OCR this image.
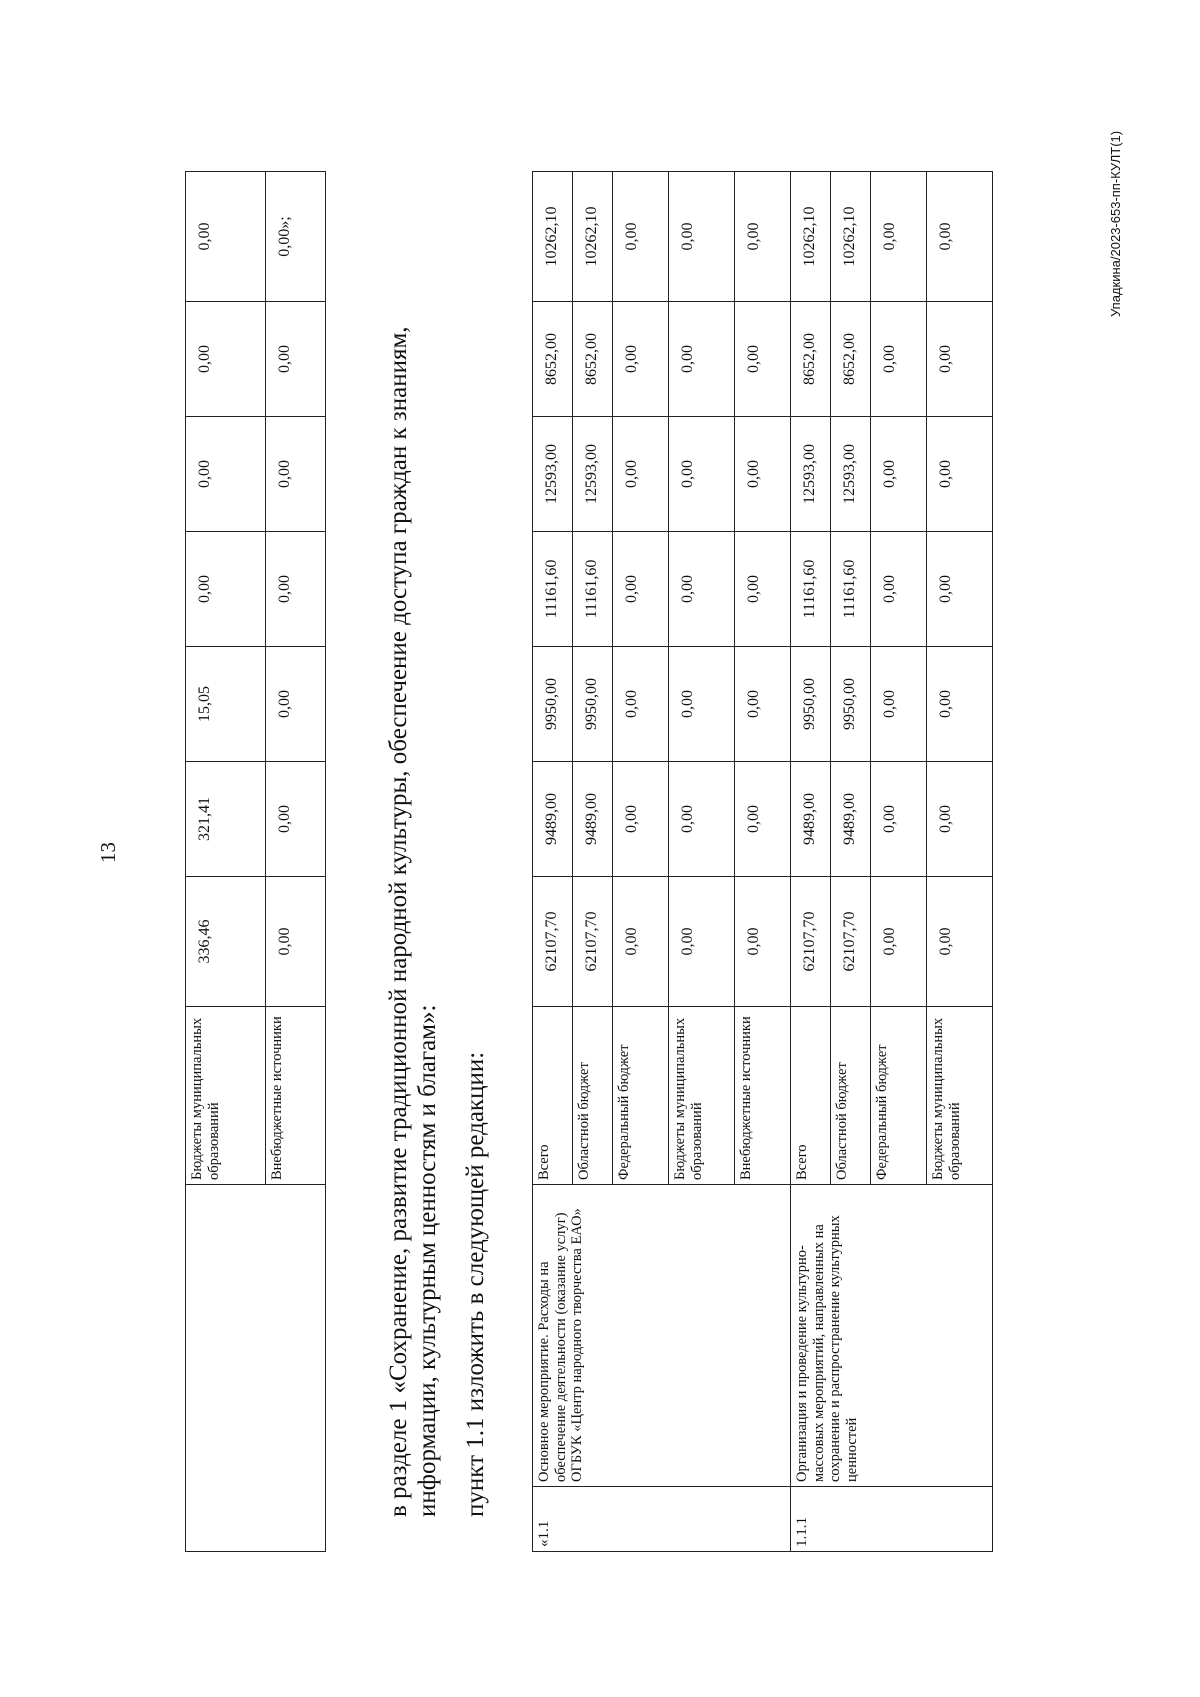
13
	Бюджеты муниципальных образований	336,46	321,41	15,05	0,00	0,00	0,00	0,00
	Внебюджетные источники	0,00	0,00	0,00	0,00	0,00	0,00	0,00»;
в разделе 1 «Сохранение, развитие традиционной народной культуры, обеспечение доступа граждан к знаниям, информации, культурным ценностям и благам»: пункт 1.1 изложить в следующей редакции:
«1.1	Основное мероприятие. Расходы на обеспечение деятельности (оказание услуг) ОГБУК «Центр народного творчества ЕАО»	Всего	62107,70	9489,00	9950,00	11161,60	12593,00	8652,00	10262,10
		Областной бюджет	62107,70	9489,00	9950,00	11161,60	12593,00	8652,00	10262,10
		Федеральный бюджет	0,00	0,00	0,00	0,00	0,00	0,00	0,00
		Бюджеты муниципальных образований	0,00	0,00	0,00	0,00	0,00	0,00	0,00
		Внебюджетные источники	0,00	0,00	0,00	0,00	0,00	0,00	0,00
1.1.1	Организация и проведение культурно-массовых мероприятий, направленных на сохранение и распространение культурных ценностей	Всего	62107,70	9489,00	9950,00	11161,60	12593,00	8652,00	10262,10
		Областной бюджет	62107,70	9489,00	9950,00	11161,60	12593,00	8652,00	10262,10
		Федеральный бюджет	0,00	0,00	0,00	0,00	0,00	0,00	0,00
		Бюджеты муниципальных образований	0,00	0,00	0,00	0,00	0,00	0,00	0,00	Упадкина/2023-653-пп-КУЛТ(1)
